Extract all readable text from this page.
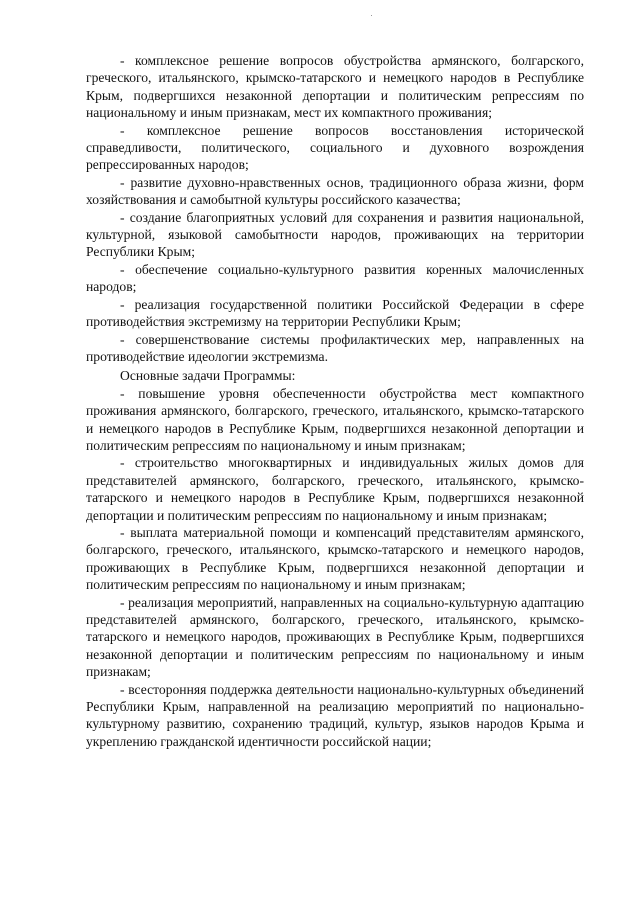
- комплексное решение вопросов обустройства армянского, болгарского, греческого, итальянского, крымско-татарского и немецкого народов в Республике Крым, подвергшихся незаконной депортации и политическим репрессиям по национальному и иным признакам, мест их компактного проживания;

- комплексное решение вопросов восстановления исторической справедливости, политического, социального и духовного возрождения репрессированных народов;

- развитие духовно-нравственных основ, традиционного образа жизни, форм хозяйствования и самобытной культуры российского казачества;

- создание благоприятных условий для сохранения и развития национальной, культурной, языковой самобытности народов, проживающих на территории Республики Крым;

- обеспечение социально-культурного развития коренных малочисленных народов;

- реализация государственной политики Российской Федерации в сфере противодействия экстремизму на территории Республики Крым;

- совершенствование системы профилактических мер, направленных на противодействие идеологии экстремизма.

Основные задачи Программы:

- повышение уровня обеспеченности обустройства мест компактного проживания армянского, болгарского, греческого, итальянского, крымско-татарского и немецкого народов в Республике Крым, подвергшихся незаконной депортации и политическим репрессиям по национальному и иным признакам;

- строительство многоквартирных и индивидуальных жилых домов для представителей армянского, болгарского, греческого, итальянского, крымско-татарского и немецкого народов в Республике Крым, подвергшихся незаконной депортации и политическим репрессиям по национальному и иным признакам;

- выплата материальной помощи и компенсаций представителям армянского, болгарского, греческого, итальянского, крымско-татарского и немецкого народов, проживающих в Республике Крым, подвергшихся незаконной депортации и политическим репрессиям по национальному и иным признакам;

- реализация мероприятий, направленных на социально-культурную адаптацию представителей армянского, болгарского, греческого, итальянского, крымско-татарского и немецкого народов, проживающих в Республике Крым, подвергшихся незаконной депортации и политическим репрессиям по национальному и иным признакам;

- всесторонняя поддержка деятельности национально-культурных объединений Республики Крым, направленной на реализацию мероприятий по национально-культурному развитию, сохранению традиций, культур, языков народов Крыма и укреплению гражданской идентичности российской нации;
